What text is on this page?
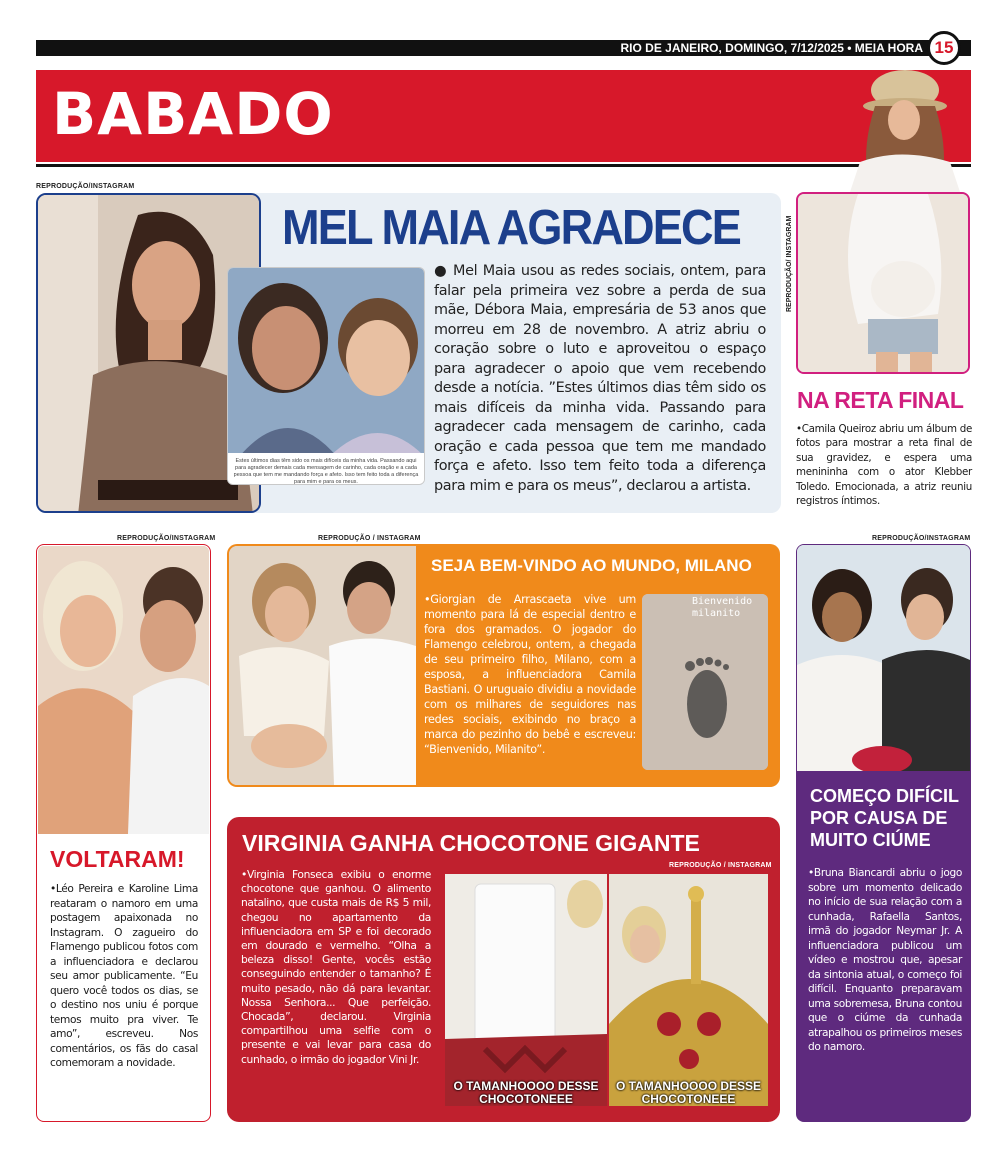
RIO DE JANEIRO, DOMINGO, 7/12/2025 • MEIA HORA 15
BABADO
REPRODUÇÃO/INSTAGRAM
MEL MAIA AGRADECE
Estes últimos dias têm sido os mais difíceis da minha vida. Passando aqui para agradecer demais cada mensagem de carinho, cada oração e a cada pessoa que tem me mandando força e afeto. Isso tem feito toda a diferença para mim e para os meus.
● Mel Maia usou as redes sociais, ontem, para falar pela primeira vez sobre a perda de sua mãe, Débora Maia, empresária de 53 anos que morreu em 28 de novembro. A atriz abriu o coração sobre o luto e aproveitou o espaço para agradecer o apoio que vem recebendo desde a notícia. ”Estes últimos dias têm sido os mais difíceis da minha vida. Passando para agradecer cada mensagem de carinho, cada oração e cada pessoa que tem me mandado força e afeto. Isso tem feito toda a diferença para mim e para os meus”, declarou a artista.
REPRODUÇÃO/ INSTAGRAM
NA RETA FINAL
•Camila Queiroz abriu um álbum de fotos para mostrar a reta final de sua gravidez, e espera uma menininha com o ator Klebber Toledo. Emocionada, a atriz reuniu registros íntimos.
REPRODUÇÃO/INSTAGRAM
VOLTARAM!
•Léo Pereira e Karoline Lima reataram o namoro em uma postagem apaixonada no Instagram. O zagueiro do Flamengo publicou fotos com a influenciadora e declarou seu amor publicamente. “Eu quero você todos os dias, se o destino nos uniu é porque temos muito pra viver. Te amo”, escreveu. Nos comentários, os fãs do casal comemoram a novidade.
REPRODUÇÃO / INSTAGRAM
SEJA BEM-VINDO AO MUNDO, MILANO
•Giorgian de Arrascaeta vive um momento para lá de especial dentro e fora dos gramados. O jogador do Flamengo celebrou, ontem, a chegada de seu primeiro filho, Milano, com a esposa, a influenciadora Camila Bastiani. O uruguaio dividiu a novidade com os milhares de seguidores nas redes sociais, exibindo no braço a marca do pezinho do bebê e escreveu: “Bienvenido, Milanito”.
Bienvenido milanito
VIRGINIA GANHA CHOCOTONE GIGANTE
REPRODUÇÃO / INSTAGRAM
•Virginia Fonseca exibiu o enorme chocotone que ganhou. O alimento natalino, que custa mais de R$ 5 mil, chegou no apartamento da influenciadora em SP e foi decorado em dourado e vermelho. “Olha a beleza disso! Gente, vocês estão conseguindo entender o tamanho? É muito pesado, não dá para levantar. Nossa Senhora... Que perfeição. Chocada”, declarou. Virginia compartilhou uma selfie com o presente e vai levar para casa do cunhado, o irmão do jogador Vini Jr.
O TAMANHOOOO DESSE CHOCOTONEEE
O TAMANHOOOO DESSE CHOCOTONEEE
REPRODUÇÃO/INSTAGRAM
COMEÇO DIFÍCIL POR CAUSA DE MUITO CIÚME
•Bruna Biancardi abriu o jogo sobre um momento delicado no início de sua relação com a cunhada, Rafaella Santos, irmã do jogador Neymar Jr. A influenciadora publicou um vídeo e mostrou que, apesar da sintonia atual, o começo foi difícil. Enquanto preparavam uma sobremesa, Bruna contou que o ciúme da cunhada atrapalhou os primeiros meses do namoro.
